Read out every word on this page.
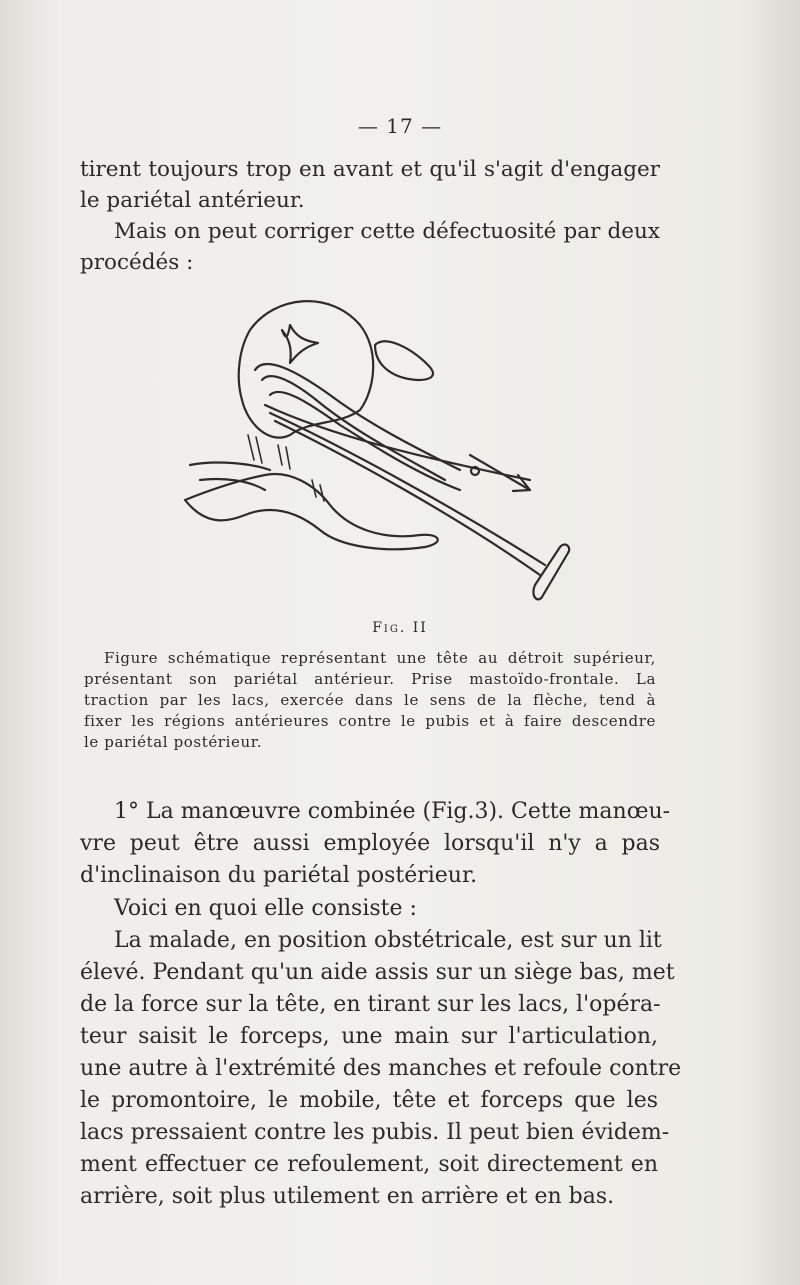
— 17 —

tirent toujours trop en avant et qu'il s'agit d'engager
le pariétal antérieur.

Mais on peut corriger cette défectuosité par deux
procédés :

Fig. II

Figure schématique représentant une tête au détroit supérieur,
présentant son pariétal antérieur. Prise mastoïdo-frontale. La
traction par les lacs, exercée dans le sens de la flèche, tend à
fixer les régions antérieures contre le pubis et à faire descendre
le pariétal postérieur.

1° La manœuvre combinée (Fig.3). Cette manœu-
vre peut être aussi employée lorsqu'il n'y a pas
d'inclinaison du pariétal postérieur.

Voici en quoi elle consiste :

La malade, en position obstétricale, est sur un lit
élevé. Pendant qu'un aide assis sur un siège bas, met
de la force sur la tête, en tirant sur les lacs, l'opéra-
teur saisit le forceps, une main sur l'articulation,
une autre à l'extrémité des manches et refoule contre
le promontoire, le mobile, tête et forceps que les
lacs pressaient contre les pubis. Il peut bien évidem-
ment effectuer ce refoulement, soit directement en
arrière, soit plus utilement en arrière et en bas.
